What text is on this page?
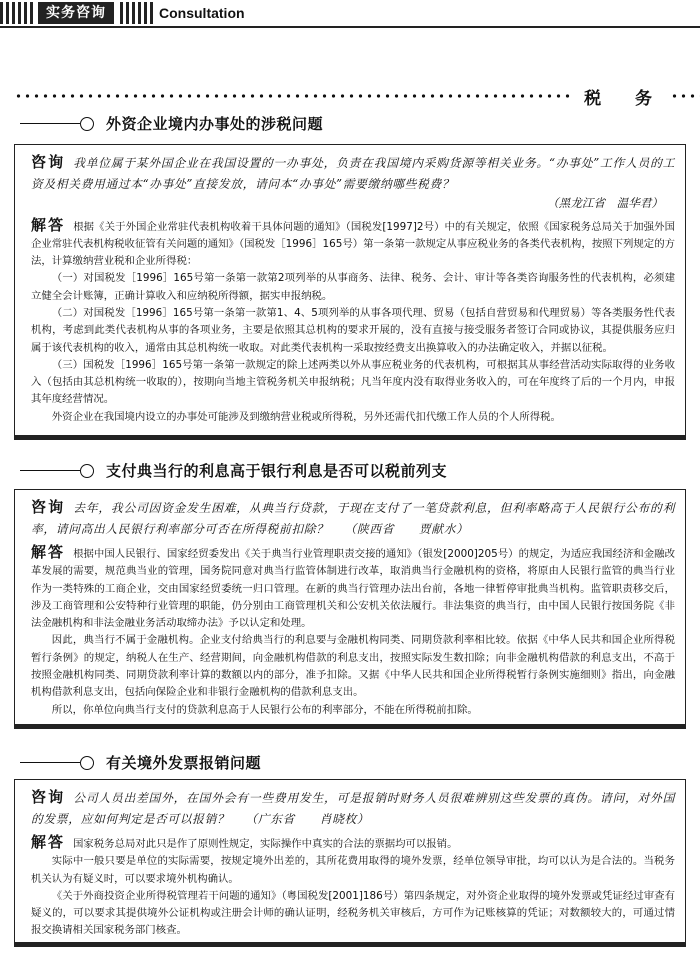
实务咨询	Consultation
税 务
外资企业境内办事处的涉税问题
咨询 我单位属于某外国企业在我国设置的一办事处，负责在我国境内采购货源等相关业务。“办事处”工作人员的工资及相关费用通过本“办事处”直接发放，请问本“办事处”需要缴纳哪些税费？
（黑龙江省　温华君）
解答 根据《关于外国企业常驻代表机构收着干具体问题的通知》（国税发[1997]2号）中的有关规定，依照《国家税务总局关于加强外国企业常驻代表机构税收征管有关问题的通知》（国税发［1996］165号）第一条第一款规定从事应税业务的各类代表机构，按照下列规定的方法，计算缴纳营业税和企业所得税：
（一）对国税发［1996］165号第一条第一款第2项列举的从事商务、法律、税务、会计、审计等各类咨询服务性的代表机构，必须建立健全会计账簿，正确计算收入和应纳税所得额，据实申报纳税。
（二）对国税发［1996］165号第一条第一款第1、4、5项列举的从事各项代理、贸易（包括自营贸易和代理贸易）等各类服务性代表机构，考虑到此类代表机构从事的各项业务，主要是依照其总机构的要求开展的，没有直接与接受服务者签订合同或协议，其提供服务应归属于该代表机构的收入，通常由其总机构统一收取。对此类代表机构一采取按经费支出换算收入的办法确定收入，并据以征税。
（三）国税发［1996］165号第一条第一款规定的除上述两类以外从事应税业务的代表机构，可根据其从事经营活动实际取得的业务收入（包括由其总机构统一收取的），按期向当地主管税务机关申报纳税；凡当年度内没有取得业务收入的，可在年度终了后的一个月内，申报其年度经营情况。
外资企业在我国境内设立的办事处可能涉及到缴纳营业税或所得税，另外还需代扣代缴工作人员的个人所得税。
支付典当行的利息高于银行利息是否可以税前列支
咨询 去年，我公司因资金发生困难，从典当行贷款，于现在支付了一笔贷款利息，但利率略高于人民银行公布的利率，请问高出人民银行利率部分可否在所得税前扣除？ （陕西省　　贾献水）
解答 根据中国人民银行、国家经贸委发出《关于典当行业管理职责交接的通知》（银发[2000]205号）的规定，为适应我国经济和金融改革发展的需要，规范典当业的管理，国务院同意对典当行监管体制进行改革，取消典当行金融机构的资格，将原由人民银行监管的典当行业作为一类特殊的工商企业，交由国家经贸委统一归口管理。在新的典当行管理办法出台前，各地一律暂停审批典当机构。监管职责移交后，涉及工商管理和公安特种行业管理的职能，仍分别由工商管理机关和公安机关依法履行。非法集资的典当行，由中国人民银行按国务院《非法金融机构和非法金融业务活动取缔办法》予以认定和处理。
因此，典当行不属于金融机构。企业支付给典当行的利息要与金融机构同类、同期贷款利率相比较。依据《中华人民共和国企业所得税暂行条例》的规定，纳税人在生产、经营期间，向金融机构借款的利息支出，按照实际发生数扣除；向非金融机构借款的利息支出，不高于按照金融机构同类、同期贷款利率计算的数额以内的部分，准予扣除。又据《中华人民共和国企业所得税暂行条例实施细则》指出，向金融机构借款利息支出，包括向保险企业和非银行金融机构的借款利息支出。
所以，你单位向典当行支付的贷款利息高于人民银行公布的利率部分，不能在所得税前扣除。
有关境外发票报销问题
咨询 公司人员出差国外，在国外会有一些费用发生，可是报销时财务人员很难辨别这些发票的真伪。请问，对外国的发票，应如何判定是否可以报销？ （广东省　　肖晓枚）
解答 国家税务总局对此只是作了原则性规定，实际操作中真实的合法的票据均可以报销。
实际中一般只要是单位的实际需要，按规定境外出差的，其所花费用取得的境外发票，经单位领导审批，均可以认为是合法的。当税务机关认为有疑义时，可以要求境外机构确认。
《关于外商投资企业所得税管理若干问题的通知》（粤国税发[2001]186号）第四条规定，对外资企业取得的境外发票或凭证经过审查有疑义的，可以要求其提供境外公证机构或注册会计师的确认证明，经税务机关审核后，方可作为记账核算的凭证；对数额较大的，可通过情报交换请相关国家税务部门核查。
